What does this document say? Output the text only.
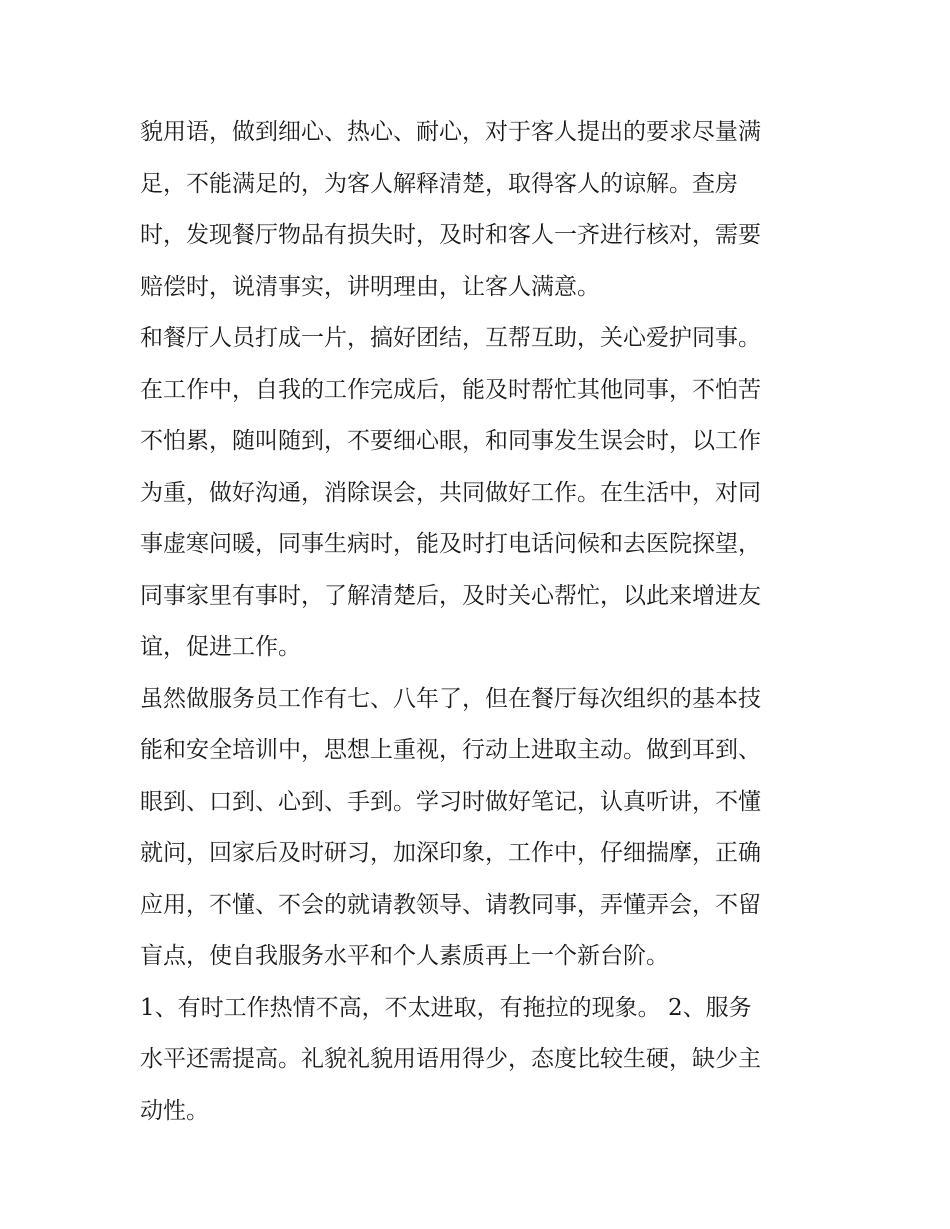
貌用语，做到细心、热心、耐心，对于客人提出的要求尽量满
足，不能满足的，为客人解释清楚，取得客人的谅解。查房
时，发现餐厅物品有损失时，及时和客人一齐进行核对，需要
赔偿时，说清事实，讲明理由，让客人满意。
和餐厅人员打成一片，搞好团结，互帮互助，关心爱护同事。
在工作中，自我的工作完成后，能及时帮忙其他同事，不怕苦
不怕累，随叫随到，不要细心眼，和同事发生误会时，以工作
为重，做好沟通，消除误会，共同做好工作。在生活中，对同
事虚寒问暖，同事生病时，能及时打电话问候和去医院探望，
同事家里有事时，了解清楚后，及时关心帮忙，以此来增进友
谊，促进工作。
虽然做服务员工作有七、八年了，但在餐厅每次组织的基本技
能和安全培训中，思想上重视，行动上进取主动。做到耳到、
眼到、口到、心到、手到。学习时做好笔记，认真听讲，不懂
就问，回家后及时研习，加深印象，工作中，仔细揣摩，正确
应用，不懂、不会的就请教领导、请教同事，弄懂弄会，不留
盲点，使自我服务水平和个人素质再上一个新台阶。
1、有时工作热情不高，不太进取，有拖拉的现象。 2、服务
水平还需提高。礼貌礼貌用语用得少，态度比较生硬，缺少主
动性。
